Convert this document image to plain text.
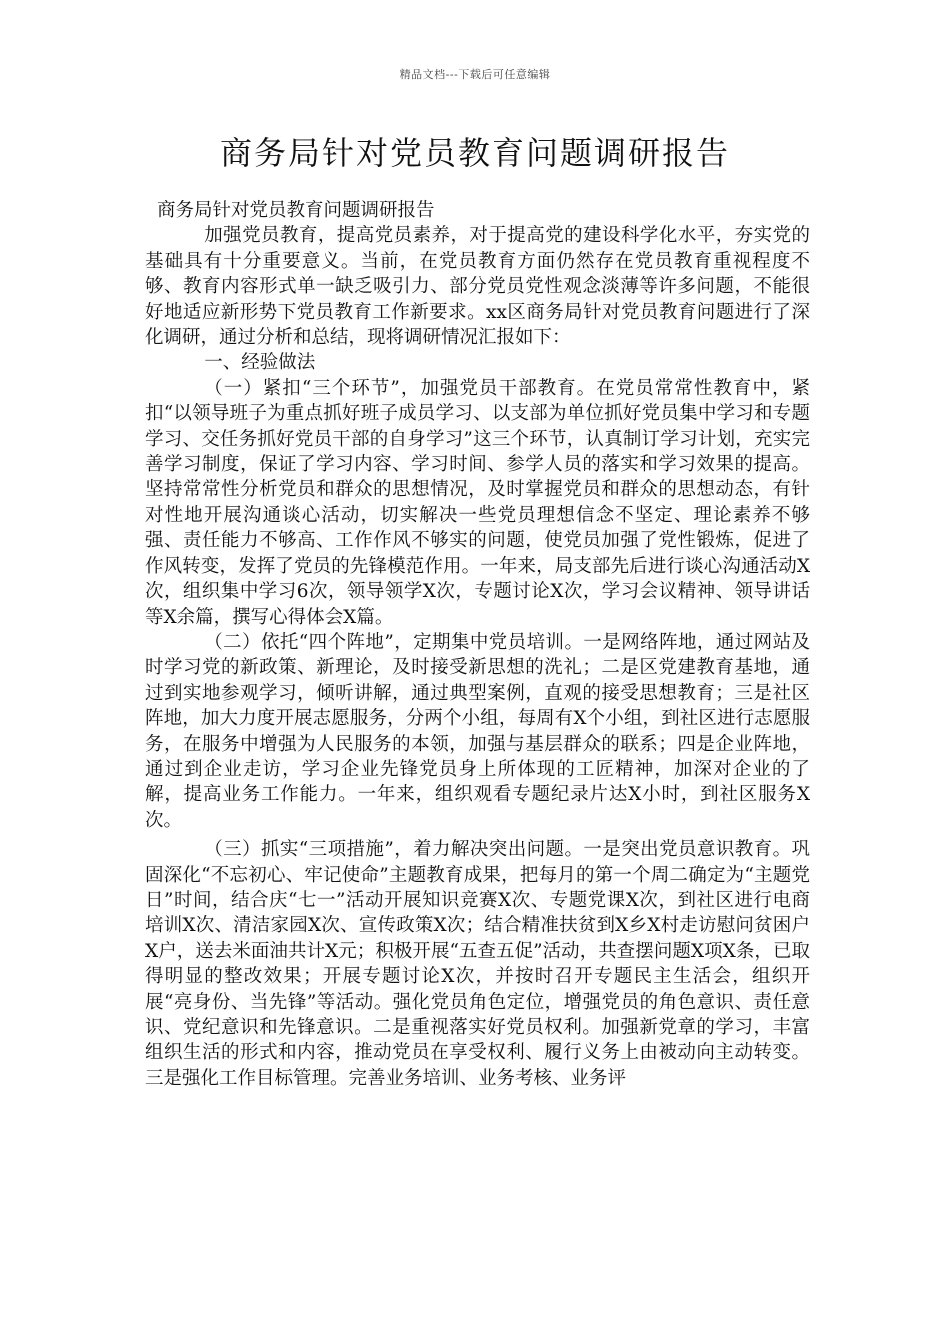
精品文档---下载后可任意编辑
商务局针对党员教育问题调研报告

商务局针对党员教育问题调研报告

加强党员教育，提高党员素养，对于提高党的建设科学化水平，夯实党的基础具有十分重要意义。当前，在党员教育方面仍然存在党员教育重视程度不够、教育内容形式单一缺乏吸引力、部分党员党性观念淡薄等许多问题，不能很好地适应新形势下党员教育工作新要求。xx区商务局针对党员教育问题进行了深化调研，通过分析和总结，现将调研情况汇报如下：

一、经验做法

（一）紧扣“三个环节”，加强党员干部教育。在党员常常性教育中，紧扣“以领导班子为重点抓好班子成员学习、以支部为单位抓好党员集中学习和专题学习、交任务抓好党员干部的自身学习”这三个环节，认真制订学习计划，充实完善学习制度，保证了学习内容、学习时间、参学人员的落实和学习效果的提高。坚持常常性分析党员和群众的思想情况，及时掌握党员和群众的思想动态，有针对性地开展沟通谈心活动，切实解决一些党员理想信念不坚定、理论素养不够强、责任能力不够高、工作作风不够实的问题，使党员加强了党性锻炼，促进了作风转变，发挥了党员的先锋模范作用。一年来，局支部先后进行谈心沟通活动X次，组织集中学习6次，领导领学X次，专题讨论X次，学习会议精神、领导讲话等X余篇，撰写心得体会X篇。

（二）依托“四个阵地”，定期集中党员培训。一是网络阵地，通过网站及时学习党的新政策、新理论，及时接受新思想的洗礼；二是区党建教育基地，通过到实地参观学习，倾听讲解，通过典型案例，直观的接受思想教育；三是社区阵地，加大力度开展志愿服务，分两个小组，每周有X个小组，到社区进行志愿服务，在服务中增强为人民服务的本领，加强与基层群众的联系；四是企业阵地，通过到企业走访，学习企业先锋党员身上所体现的工匠精神，加深对企业的了解，提高业务工作能力。一年来，组织观看专题纪录片达X小时，到社区服务X次。

（三）抓实“三项措施”，着力解决突出问题。一是突出党员意识教育。巩固深化“不忘初心、牢记使命”主题教育成果，把每月的第一个周二确定为“主题党日”时间，结合庆“七一”活动开展知识竞赛X次、专题党课X次，到社区进行电商培训X次、清洁家园X次、宣传政策X次；结合精准扶贫到X乡X村走访慰问贫困户X户，送去米面油共计X元；积极开展“五查五促”活动，共查摆问题X项X条，已取得明显的整改效果；开展专题讨论X次，并按时召开专题民主生活会，组织开展“亮身份、当先锋”等活动。强化党员角色定位，增强党员的角色意识、责任意识、党纪意识和先锋意识。二是重视落实好党员权利。加强新党章的学习，丰富组织生活的形式和内容，推动党员在享受权利、履行义务上由被动向主动转变。三是强化工作目标管理。完善业务培训、业务考核、业务评
